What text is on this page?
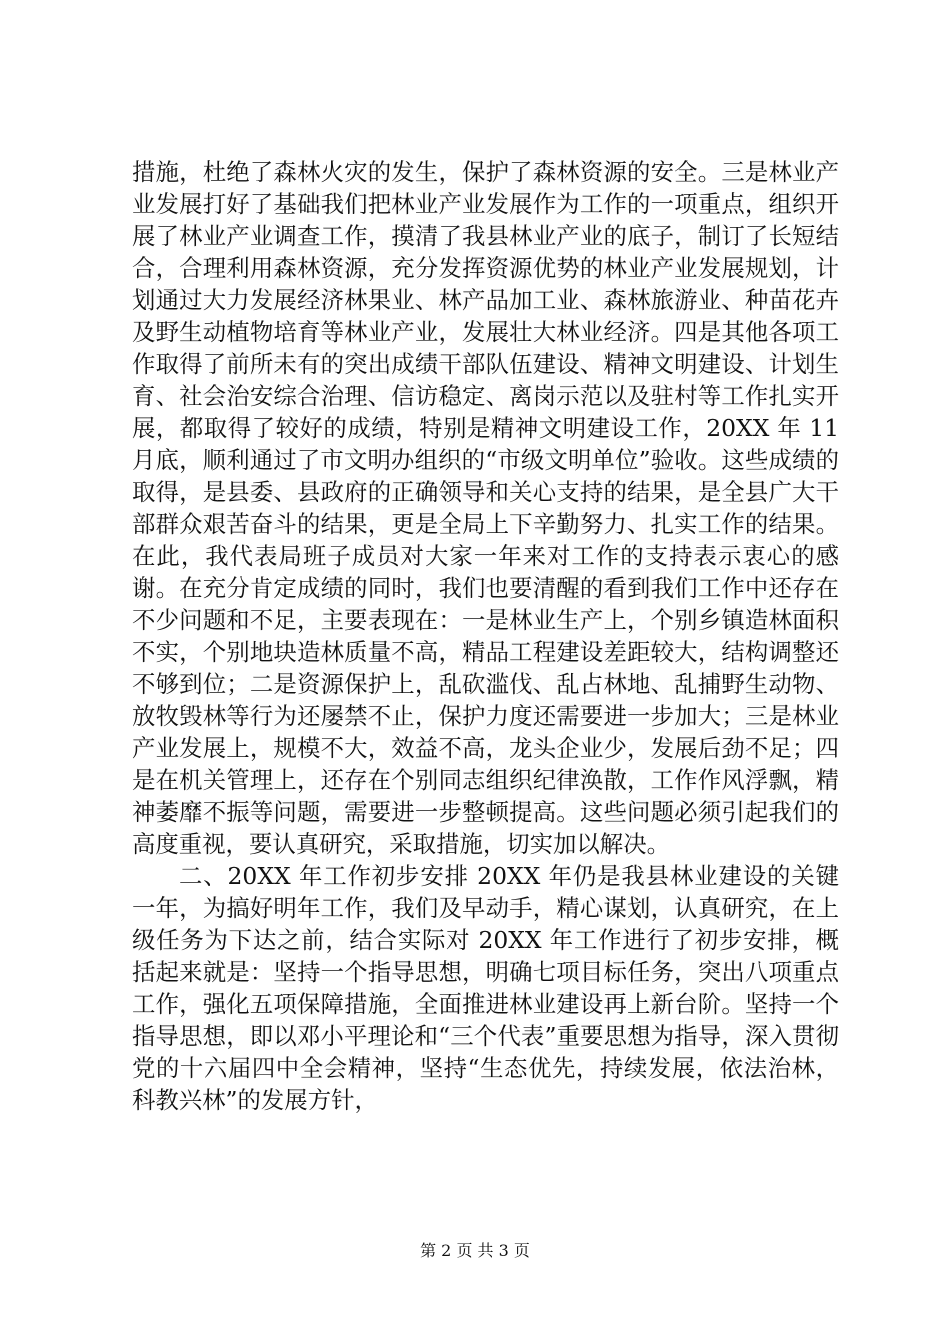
措施，杜绝了森林火灾的发生，保护了森林资源的安全。三是林业产业发展打好了基础我们把林业产业发展作为工作的一项重点，组织开展了林业产业调查工作，摸清了我县林业产业的底子，制订了长短结合，合理利用森林资源，充分发挥资源优势的林业产业发展规划，计划通过大力发展经济林果业、林产品加工业、森林旅游业、种苗花卉及野生动植物培育等林业产业，发展壮大林业经济。四是其他各项工作取得了前所未有的突出成绩干部队伍建设、精神文明建设、计划生育、社会治安综合治理、信访稳定、离岗示范以及驻村等工作扎实开展，都取得了较好的成绩，特别是精神文明建设工作，20XX 年 11 月底，顺利通过了市文明办组织的“市级文明单位”验收。这些成绩的取得，是县委、县政府的正确领导和关心支持的结果，是全县广大干部群众艰苦奋斗的结果，更是全局上下辛勤努力、扎实工作的结果。在此，我代表局班子成员对大家一年来对工作的支持表示衷心的感谢。在充分肯定成绩的同时，我们也要清醒的看到我们工作中还存在不少问题和不足，主要表现在：一是林业生产上，个别乡镇造林面积不实，个别地块造林质量不高，精品工程建设差距较大，结构调整还不够到位；二是资源保护上，乱砍滥伐、乱占林地、乱捕野生动物、放牧毁林等行为还屡禁不止，保护力度还需要进一步加大；三是林业产业发展上，规模不大，效益不高，龙头企业少，发展后劲不足；四是在机关管理上，还存在个别同志组织纪律涣散，工作作风浮飘，精神萎靡不振等问题，需要进一步整顿提高。这些问题必须引起我们的高度重视，要认真研究，采取措施，切实加以解决。

二、20XX 年工作初步安排 20XX 年仍是我县林业建设的关键一年，为搞好明年工作，我们及早动手，精心谋划，认真研究，在上级任务为下达之前，结合实际对 20XX 年工作进行了初步安排，概括起来就是：坚持一个指导思想，明确七项目标任务，突出八项重点工作，强化五项保障措施，全面推进林业建设再上新台阶。坚持一个指导思想，即以邓小平理论和“三个代表”重要思想为指导，深入贯彻党的十六届四中全会精神，坚持“生态优先，持续发展，依法治林，科教兴林”的发展方针，

第 2 页 共 3 页
